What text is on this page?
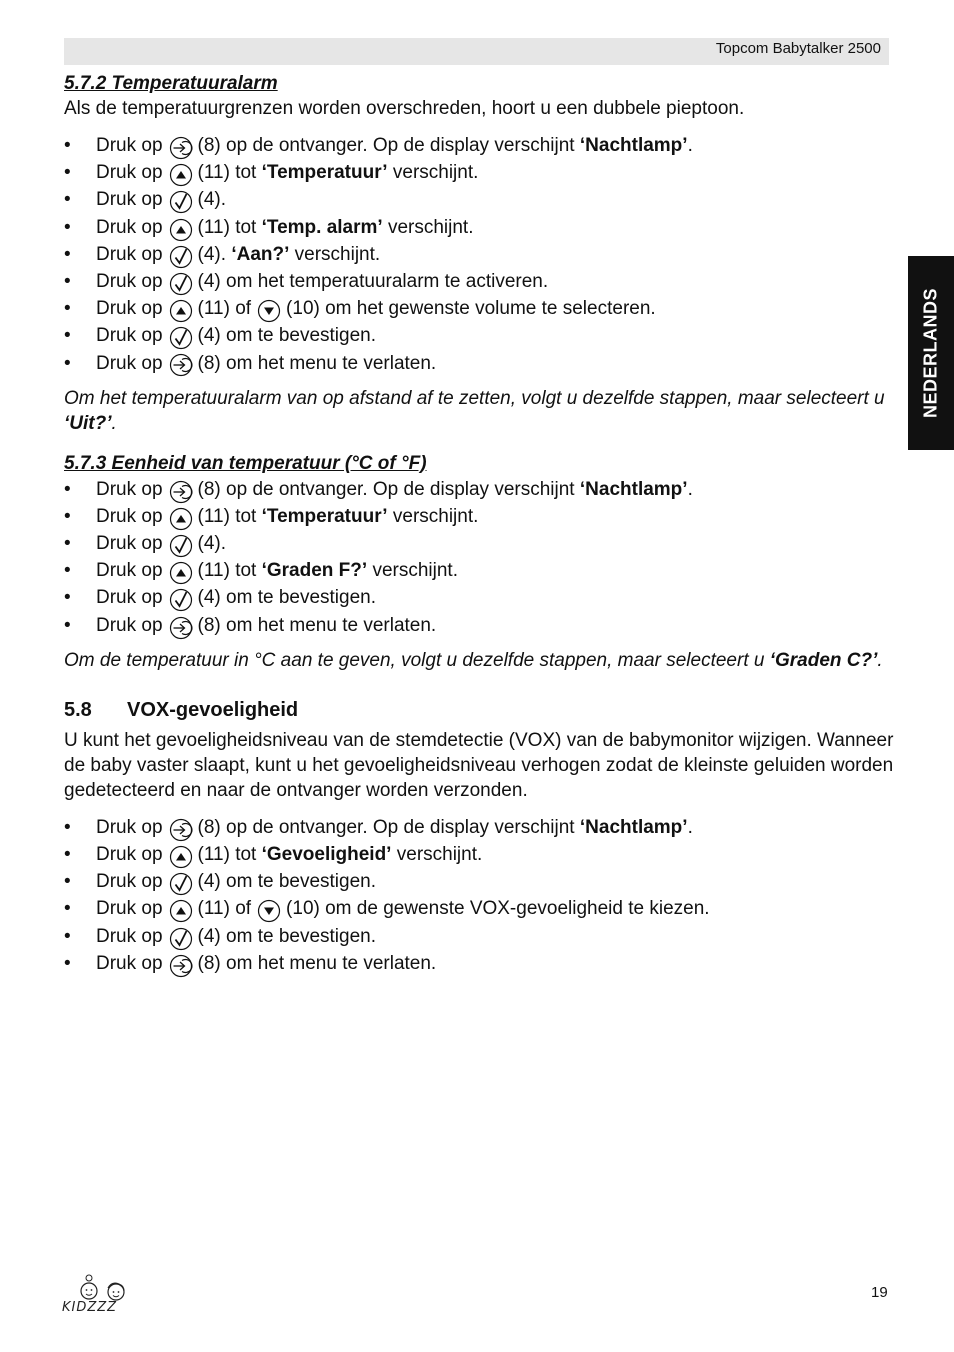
Topcom Babytalker 2500
NEDERLANDS

5.7.2 Temperatuuralarm

Als de temperatuurgrenzen worden overschreden, hoort u een dubbele pieptoon.

• Druk op (8) op de ontvanger. Op de display verschijnt ‘Nachtlamp’.
• Druk op (11) tot ‘Temperatuur’ verschijnt.
• Druk op (4).
• Druk op (11) tot ‘Temp. alarm’ verschijnt.
• Druk op (4). ‘Aan?’ verschijnt.
• Druk op (4) om het temperatuuralarm te activeren.
• Druk op (11) of (10) om het gewenste volume te selecteren.
• Druk op (4) om te bevestigen.
• Druk op (8) om het menu te verlaten.

Om het temperatuuralarm van op afstand af te zetten, volgt u dezelfde stappen, maar selecteert u ‘Uit?’.

5.7.3 Eenheid van temperatuur (°C of °F)

• Druk op (8) op de ontvanger. Op de display verschijnt ‘Nachtlamp’.
• Druk op (11) tot ‘Temperatuur’ verschijnt.
• Druk op (4).
• Druk op (11) tot ‘Graden F?’ verschijnt.
• Druk op (4) om te bevestigen.
• Druk op (8) om het menu te verlaten.

Om de temperatuur in °C aan te geven, volgt u dezelfde stappen, maar selecteert u ‘Graden C?’.

5.8 VOX-gevoeligheid

U kunt het gevoeligheidsniveau van de stemdetectie (VOX) van de babymonitor wijzigen. Wanneer de baby vaster slaapt, kunt u het gevoeligheidsniveau verhogen zodat de kleinste geluiden worden gedetecteerd en naar de ontvanger worden verzonden.

• Druk op (8) op de ontvanger. Op de display verschijnt ‘Nachtlamp’.
• Druk op (11) tot ‘Gevoeligheid’ verschijnt.
• Druk op (4) om te bevestigen.
• Druk op (11) of (10) om de gewenste VOX-gevoeligheid te kiezen.
• Druk op (4) om te bevestigen.
• Druk op (8) om het menu te verlaten.
KIDZZZ
19
